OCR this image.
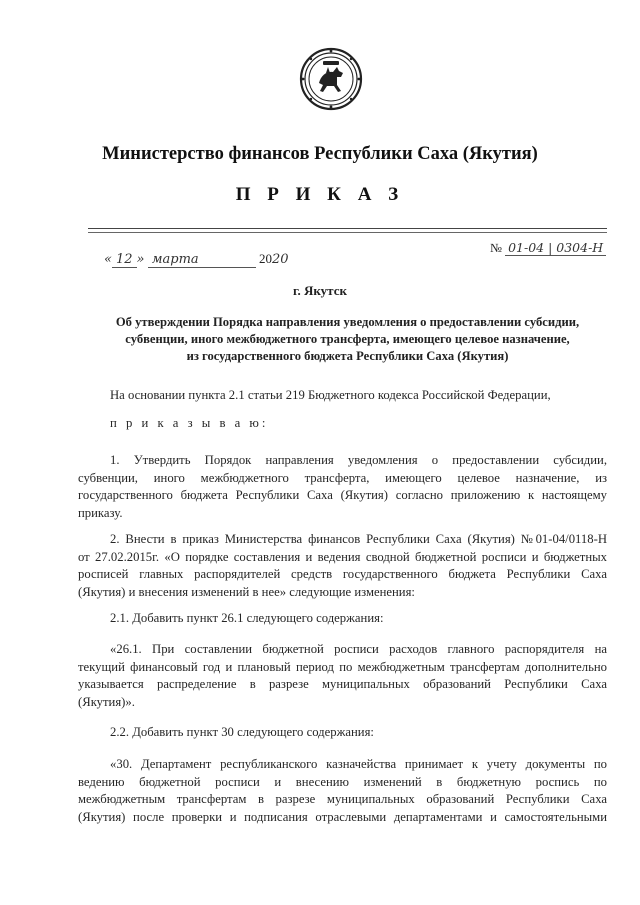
Министерство финансов Республики Саха (Якутия)
П Р И К А З
« 12 » марта	2020
№ 01-04 | 0304-Н
г. Якутск
Об утверждении Порядка направления уведомления о предоставлении субсидии,
субвенции, иного межбюджетного трансферта, имеющего целевое назначение,
из государственного бюджета Республики Саха (Якутия)
На основании пункта 2.1 статьи 219 Бюджетного кодекса Российской Федерации,
п р и к а з ы в а ю:
1. Утвердить Порядок направления уведомления о предоставлении субсидии,
субвенции, иного межбюджетного трансферта, имеющего целевое назначение, из
государственного бюджета Республики Саха (Якутия) согласно приложению к настоящему
приказу.
2. Внести в приказ Министерства финансов Республики Саха (Якутия) №01-04/0118-Н
от 27.02.2015г. «О порядке составления и ведения сводной бюджетной росписи и бюджетных
росписей главных распорядителей средств государственного бюджета Республики Саха
(Якутия) и внесения изменений в нее» следующие изменения:
2.1. Добавить пункт 26.1 следующего содержания:
«26.1. При составлении бюджетной росписи расходов главного распорядителя на
текущий финансовый год и плановый период по межбюджетным трансфертам дополнительно
указывается распределение в разрезе муниципальных образований Республики Саха
(Якутия)».
2.2. Добавить пункт 30 следующего содержания:
«30. Департамент республиканского казначейства принимает к учету документы по
ведению бюджетной росписи и внесению изменений в бюджетную роспись по
межбюджетным трансфертам в разрезе муниципальных образований Республики Саха
(Якутия) после проверки и подписания отраслевыми департаментами и самостоятельными
